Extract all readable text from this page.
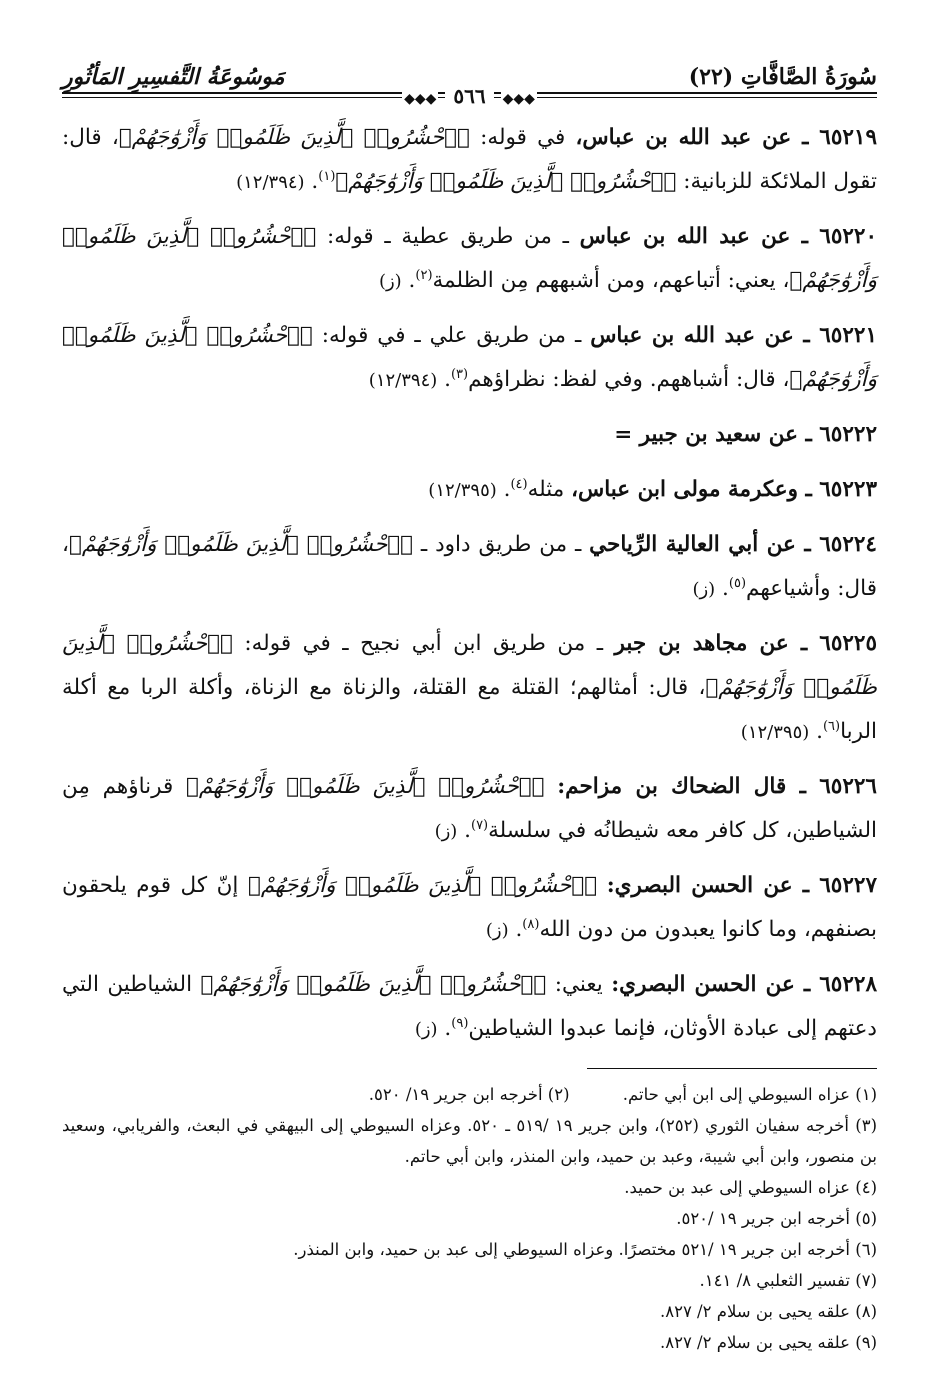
سُورَةُ الصَّافَّاتِ (٢٢)
مَوسُوعَةُ التَّفسِيرِ المَأثُورِ
◆◆◆ ٥٦٦ ◆◆◆

٦٥٢١٩ ـ عن عبد الله بن عباس، في قوله: ﴿ٱحْشُرُوا۟ ٱلَّذِينَ ظَلَمُوا۟ وَأَزْوَٰجَهُمْ﴾، قال: تقول الملائكة للزبانية: ﴿ٱحْشُرُوا۟ ٱلَّذِينَ ظَلَمُوا۟ وَأَزْوَٰجَهُمْ﴾$^{(١)}$. (١٢/٣٩٤)

٦٥٢٢٠ ـ عن عبد الله بن عباس ـ من طريق عطية ـ قوله: ﴿ٱحْشُرُوا۟ ٱلَّذِينَ ظَلَمُوا۟ وَأَزْوَٰجَهُمْ﴾، يعني: أتباعهم، ومن أشبههم مِن الظلمة$^{(٢)}$. (ز)

٦٥٢٢١ ـ عن عبد الله بن عباس ـ من طريق علي ـ في قوله: ﴿ٱحْشُرُوا۟ ٱلَّذِينَ ظَلَمُوا۟ وَأَزْوَٰجَهُمْ﴾، قال: أشباههم. وفي لفظ: نظراؤهم$^{(٣)}$. (١٢/٣٩٤)

٦٥٢٢٢ ـ عن سعيد بن جبير =

٦٥٢٢٣ ـ وعكرمة مولى ابن عباس، مثله$^{(٤)}$. (١٢/٣٩٥)

٦٥٢٢٤ ـ عن أبي العالية الرِّياحي ـ من طريق داود ـ ﴿ٱحْشُرُوا۟ ٱلَّذِينَ ظَلَمُوا۟ وَأَزْوَٰجَهُمْ﴾، قال: وأشياعهم$^{(٥)}$. (ز)

٦٥٢٢٥ ـ عن مجاهد بن جبر ـ من طريق ابن أبي نجيح ـ في قوله: ﴿ٱحْشُرُوا۟ ٱلَّذِينَ ظَلَمُوا۟ وَأَزْوَٰجَهُمْ﴾، قال: أمثالهم؛ القتلة مع القتلة، والزناة مع الزناة، وأكلة الربا مع أكلة الربا$^{(٦)}$. (١٢/٣٩٥)

٦٥٢٢٦ ـ قال الضحاك بن مزاحم: ﴿ٱحْشُرُوا۟ ٱلَّذِينَ ظَلَمُوا۟ وَأَزْوَٰجَهُمْ﴾ قرناؤهم مِن الشياطين، كل كافر معه شيطانُه في سلسلة$^{(٧)}$. (ز)

٦٥٢٢٧ ـ عن الحسن البصري: ﴿ٱحْشُرُوا۟ ٱلَّذِينَ ظَلَمُوا۟ وَأَزْوَٰجَهُمْ﴾ إنّ كل قوم يلحقون بصنفهم، وما كانوا يعبدون من دون الله$^{(٨)}$. (ز)

٦٥٢٢٨ ـ عن الحسن البصري: يعني: ﴿ٱحْشُرُوا۟ ٱلَّذِينَ ظَلَمُوا۟ وَأَزْوَٰجَهُمْ﴾ الشياطين التي دعتهم إلى عبادة الأوثان، فإنما عبدوا الشياطين$^{(٩)}$. (ز)

(١) عزاه السيوطي إلى ابن أبي حاتم. (٢) أخرجه ابن جرير ١٩/ ٥٢٠.
(٣) أخرجه سفيان الثوري (٢٥٢)، وابن جرير ١٩ /٥١٩ ـ ٥٢٠. وعزاه السيوطي إلى البيهقي في البعث، والفريابي، وسعيد بن منصور، وابن أبي شيبة، وعبد بن حميد، وابن المنذر، وابن أبي حاتم.
(٤) عزاه السيوطي إلى عبد بن حميد.
(٥) أخرجه ابن جرير ١٩ /٥٢٠.
(٦) أخرجه ابن جرير ١٩ /٥٢١ مختصرًا. وعزاه السيوطي إلى عبد بن حميد، وابن المنذر.
(٧) تفسير الثعلبي ٨/ ١٤١.
(٨) علقه يحيى بن سلام ٢/ ٨٢٧.
(٩) علقه يحيى بن سلام ٢/ ٨٢٧.
